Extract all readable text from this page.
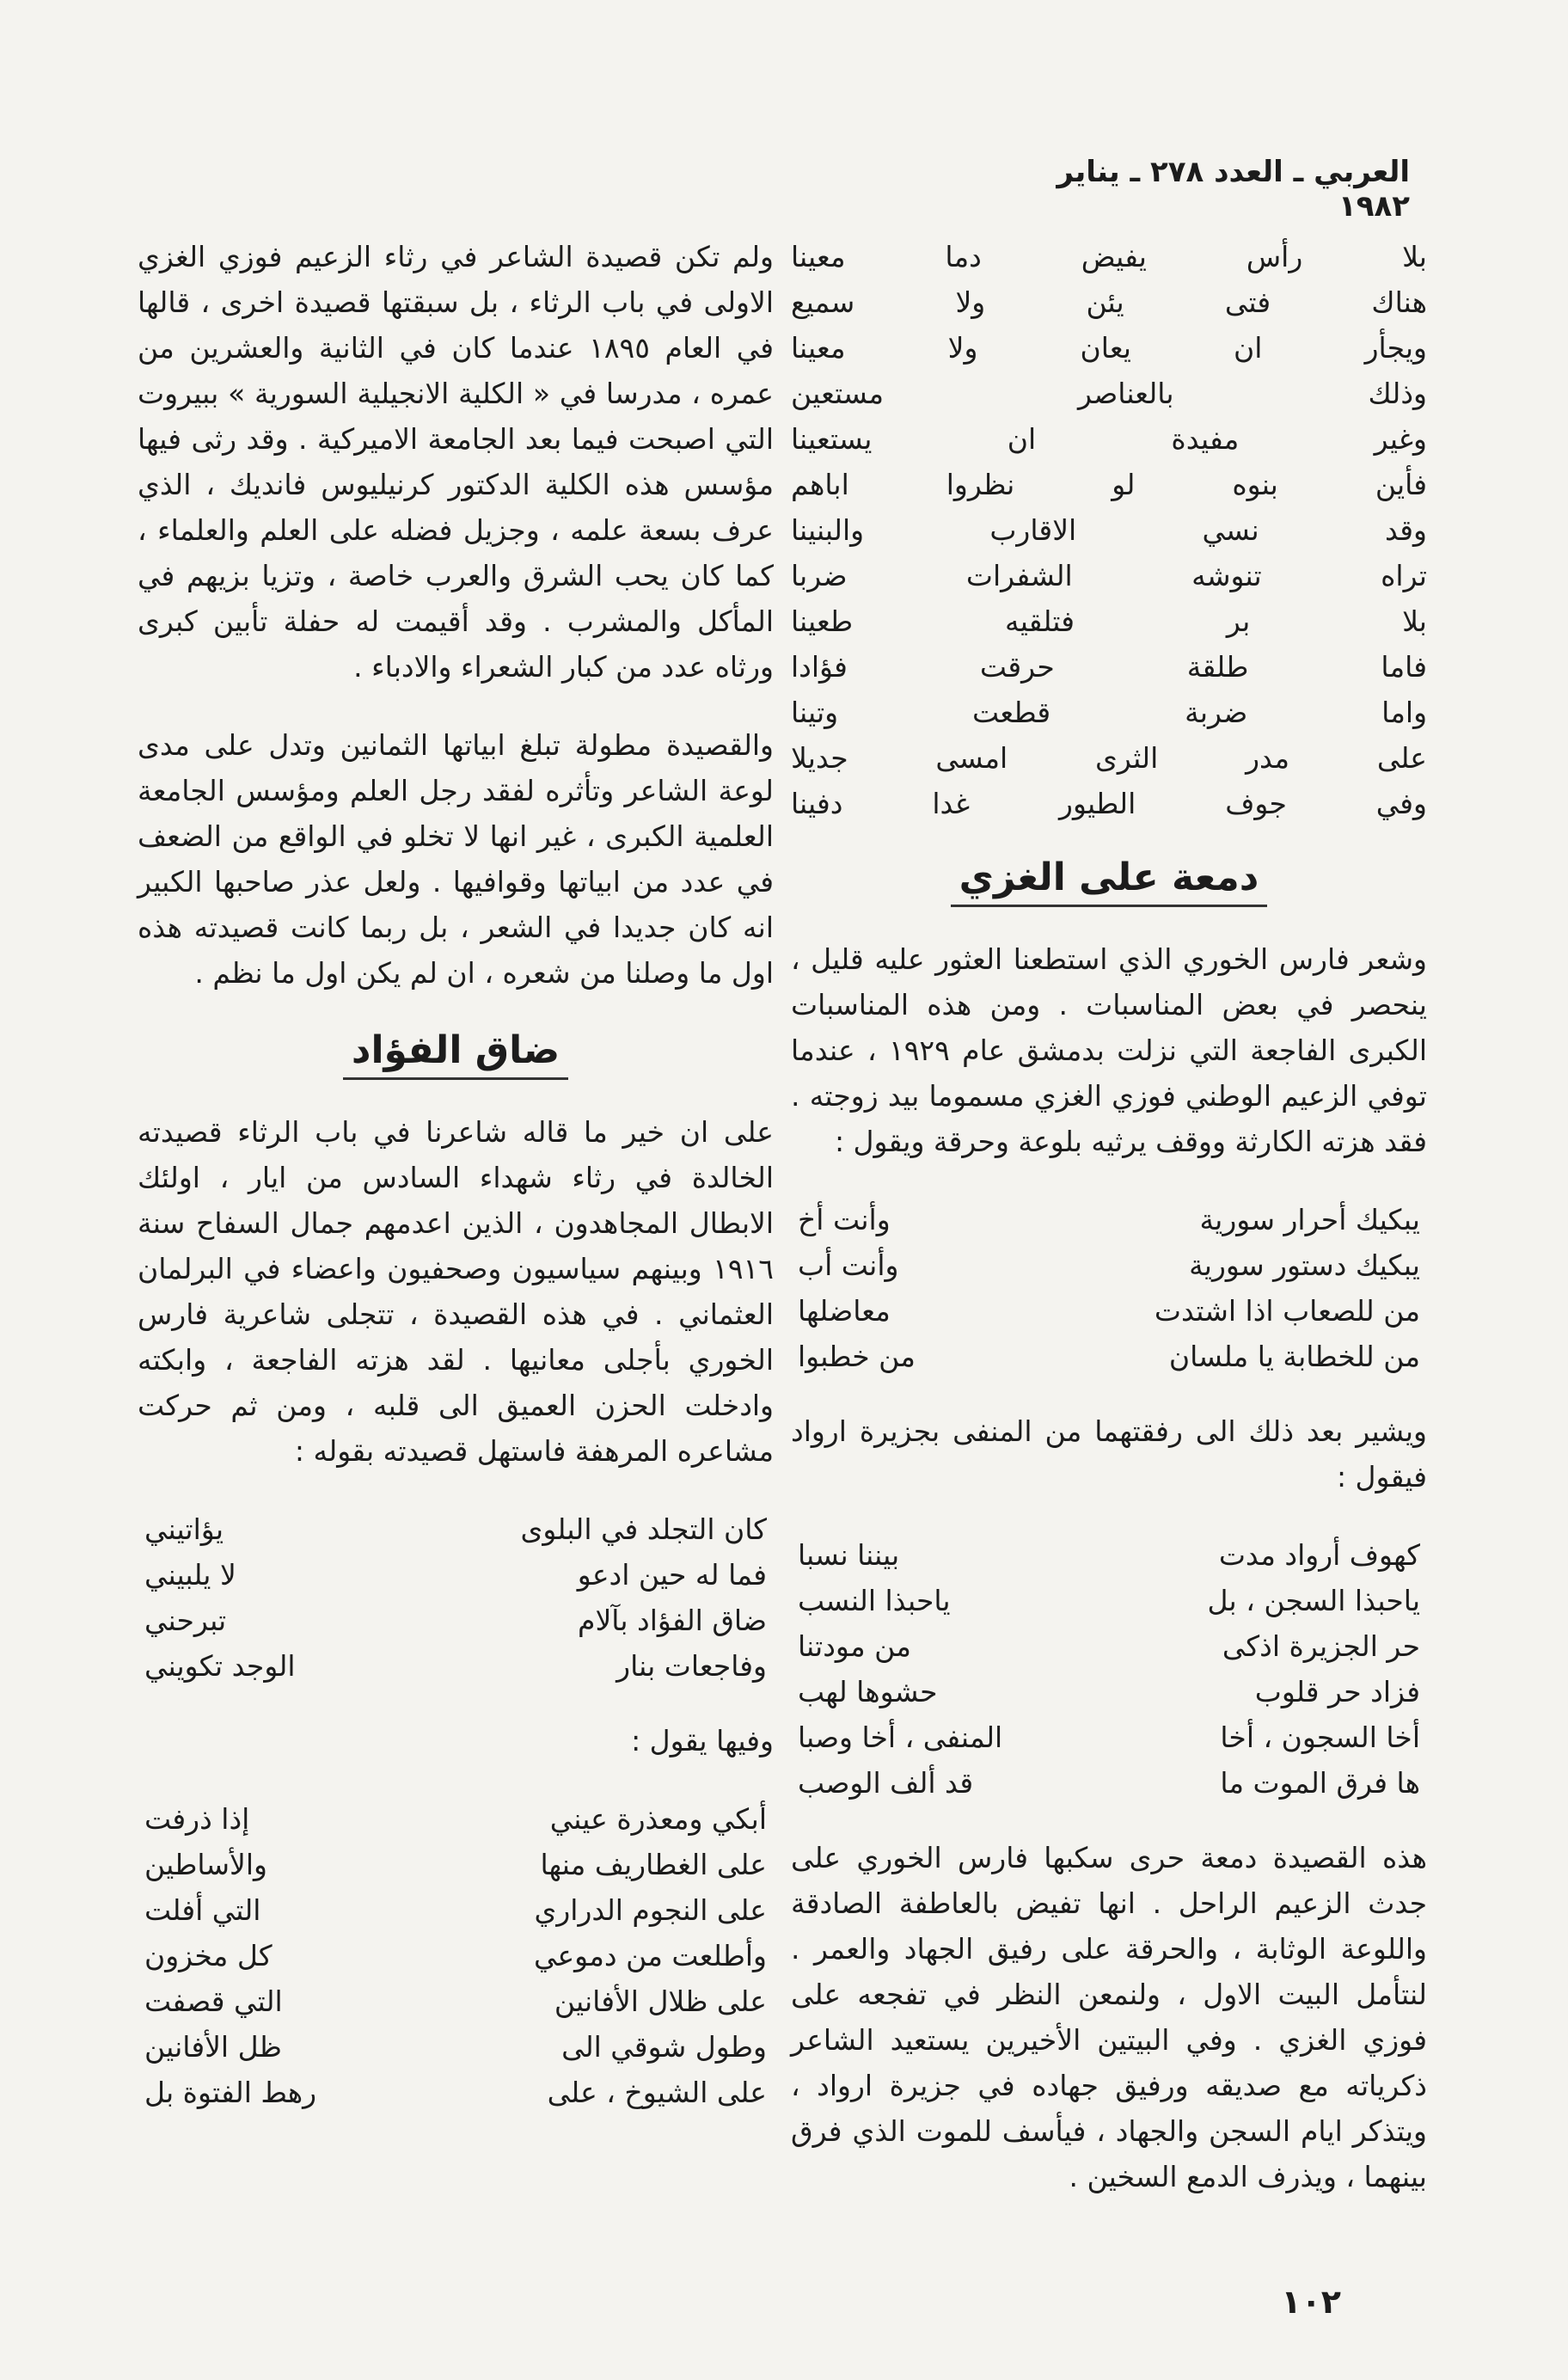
العربي ـ العدد ٢٧٨ ـ يناير ١٩٨٢
بلا رأس يفيض دما معينا
هناك فتى يئن ولا سميع
ويجأر ان يعان ولا معينا
وذلك بالعناصر مستعين
وغير مفيدة ان يستعينا
فأين بنوه لو نظروا اباهم
وقد نسي الاقارب والبنينا
تراه تنوشه الشفرات ضربا
بلا بر فتلقيه طعينا
فاما طلقة حرقت فؤادا
واما ضربة قطعت وتينا
على مدر الثرى امسى جديلا
وفي جوف الطيور غدا دفينا
دمعة على الغزي

وشعر فارس الخوري الذي استطعنا العثور عليه قليل ، ينحصر في بعض المناسبات . ومن هذه المناسبات الكبرى الفاجعة التي نزلت بدمشق عام ١٩٢٩ ، عندما توفي الزعيم الوطني فوزي الغزي مسموما بيد زوجته . فقد هزته الكارثة ووقف يرثيه بلوعة وحرقة ويقول :

يبكيك أحرار سورية
وأنت أخ
يبكيك دستور سورية
وأنت أب
من للصعاب اذا اشتدت
معاضلها
من للخطابة يا ملسان
من خطبوا

ويشير بعد ذلك الى رفقتهما من المنفى بجزيرة ارواد فيقول :

كهوف أرواد مدت
بيننا نسبا
ياحبذا السجن ، بل
ياحبذا النسب
حر الجزيرة اذكى
من مودتنا
فزاد حر قلوب
حشوها لهب
أخا السجون ، أخا
المنفى ، أخا وصبا
ها فرق الموت ما
قد ألف الوصب

هذه القصيدة دمعة حرى سكبها فارس الخوري على جدث الزعيم الراحل . انها تفيض بالعاطفة الصادقة واللوعة الوثابة ، والحرقة على رفيق الجهاد والعمر . لنتأمل البيت الاول ، ولنمعن النظر في تفجعه على فوزي الغزي . وفي البيتين الأخيرين يستعيد الشاعر ذكرياته مع صديقه ورفيق جهاده في جزيرة ارواد ، ويتذكر ايام السجن والجهاد ، فيأسف للموت الذي فرق بينهما ، ويذرف الدمع السخين .

ولم تكن قصيدة الشاعر في رثاء الزعيم فوزي الغزي الاولى في باب الرثاء ، بل سبقتها قصيدة اخرى ، قالها في العام ١٨٩٥ عندما كان في الثانية والعشرين من عمره ، مدرسا في « الكلية الانجيلية السورية » ببيروت التي اصبحت فيما بعد الجامعة الاميركية . وقد رثى فيها مؤسس هذه الكلية الدكتور كرنيليوس فانديك ، الذي عرف بسعة علمه ، وجزيل فضله على العلم والعلماء ، كما كان يحب الشرق والعرب خاصة ، وتزيا بزيهم في المأكل والمشرب . وقد أقيمت له حفلة تأبين كبرى ورثاه عدد من كبار الشعراء والادباء .

والقصيدة مطولة تبلغ ابياتها الثمانين وتدل على مدى لوعة الشاعر وتأثره لفقد رجل العلم ومؤسس الجامعة العلمية الكبرى ، غير انها لا تخلو في الواقع من الضعف في عدد من ابياتها وقوافيها . ولعل عذر صاحبها الكبير انه كان جديدا في الشعر ، بل ربما كانت قصيدته هذه اول ما وصلنا من شعره ، ان لم يكن اول ما نظم .

ضاق الفؤاد

على ان خير ما قاله شاعرنا في باب الرثاء قصيدته الخالدة في رثاء شهداء السادس من ايار ، اولئك الابطال المجاهدون ، الذين اعدمهم جمال السفاح سنة ١٩١٦ وبينهم سياسيون وصحفيون واعضاء في البرلمان العثماني . في هذه القصيدة ، تتجلى شاعرية فارس الخوري بأجلى معانيها . لقد هزته الفاجعة ، وابكته وادخلت الحزن العميق الى قلبه ، ومن ثم حركت مشاعره المرهفة فاستهل قصيدته بقوله :

كان التجلد في البلوى
يؤاتيني
فما له حين ادعو
لا يلبيني
ضاق الفؤاد بآلام
تبرحني
وفاجعات بنار
الوجد تكويني

وفيها يقول :

أبكي ومعذرة عيني
إذا ذرفت
على الغطاريف منها
والأساطين
على النجوم الدراري
التي أفلت
وأطلعت من دموعي
كل مخزون
على ظلال الأفانين
التي قصفت
وطول شوقي الى
ظل الأفانين
على الشيوخ ، على
رهط الفتوة بل
١٠٢
